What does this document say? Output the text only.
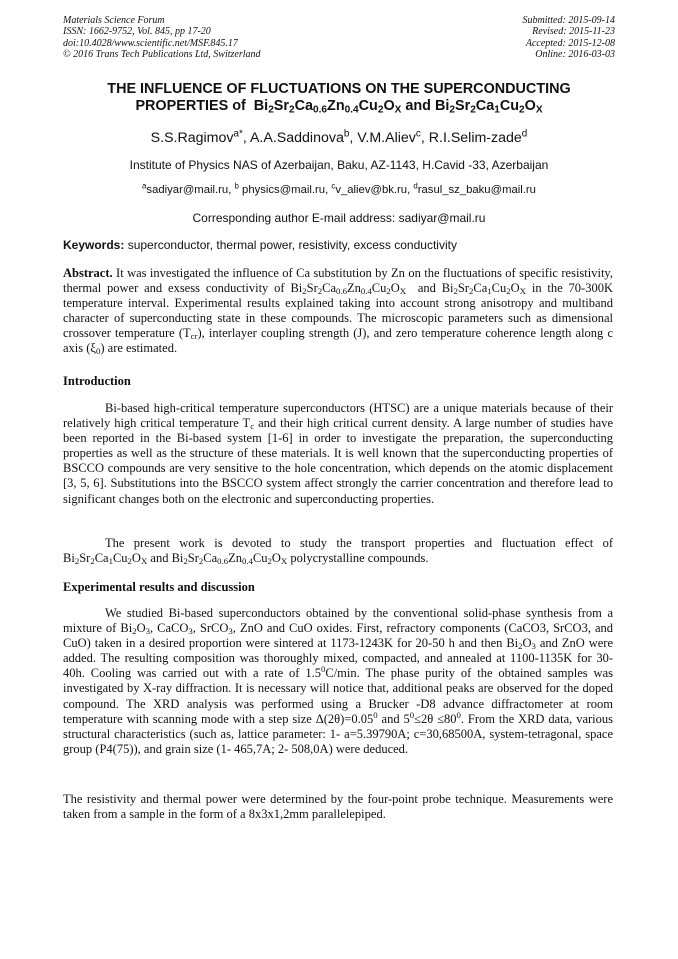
Materials Science Forum
ISSN: 1662-9752, Vol. 845, pp 17-20
doi:10.4028/www.scientific.net/MSF.845.17
© 2016 Trans Tech Publications Ltd, Switzerland
Submitted: 2015-09-14
Revised: 2015-11-23
Accepted: 2015-12-08
Online: 2016-03-03
THE INFLUENCE OF FLUCTUATIONS ON THE SUPERCONDUCTING
PROPERTIES of $Bi_2Sr_2Ca_{0.6}Zn_{0.4}Cu_2O_X$ and $Bi_2Sr_2Ca_1Cu_2O_X$
S.S.Ragimov$^{a*}$, A.A.Saddinova$^b$, V.M.Aliev$^c$, R.I.Selim-zade$^d$
Institute of Physics NAS of Azerbaijan, Baku, AZ-1143, H.Cavid -33, Azerbaijan
$^a$sadiyar@mail.ru, $^b$ physics@mail.ru, $^c$v_aliev@bk.ru, $^d$rasul_sz_baku@mail.ru
Corresponding author E-mail address: sadiyar@mail.ru
Keywords: superconductor, thermal power, resistivity, excess conductivity
Abstract. It was investigated the influence of Ca substitution by Zn on the fluctuations of specific resistivity, thermal power and exsess conductivity of $Bi_2Sr_2Ca_{0.6}Zn_{0.4}Cu_2O_X$  and $Bi_2Sr_2Ca_1Cu_2O_X$ in the 70-300K temperature interval. Experimental results explained taking into account strong anisotropy and multiband character of superconducting state in these compounds. The microscopic parameters such as dimensional crossover temperature $(T_{cr})$, interlayer coupling strength (J), and zero temperature coherence length along c axis $(\xi_0)$ are estimated.
Introduction
Bi-based high-critical temperature superconductors (HTSC) are a unique materials because of their relatively high critical temperature $T_c$ and their high critical current density. A large number of studies have been reported in the Bi-based system [1-6] in order to investigate the preparation, the superconducting properties as well as the structure of these materials. It is well known that the superconducting properties of BSCCO compounds are very sensitive to the hole concentration, which depends on the atomic displacement [3, 5, 6]. Substitutions into the BSCCO system affect strongly the carrier concentration and therefore lead to significant changes both on the electronic and superconducting properties.
The present work is devoted to study the transport properties and fluctuation effect of $Bi_2Sr_2Ca_1Cu_2O_X$ and $Bi_2Sr_2Ca_{0.6}Zn_{0.4}Cu_2O_X$ polycrystalline compounds.
Experimental results and discussion
We studied Bi-based superconductors obtained by the conventional solid-phase synthesis from a mixture of $Bi_2O_3$, CaCO$_3$, SrCO$_3$, ZnO and CuO oxides. First, refractory components (CaCO3, SrCO3, and CuO) taken in a desired proportion were sintered at 1173-1243K for 20-50 h and then $Bi_2O_3$ and ZnO were added. The resulting composition was thoroughly mixed, compacted, and annealed at 1100-1135K for 30-40h. Cooling was carried out with a rate of $1.5^0C/\min$. The phase purity of the obtained samples was investigated by X-ray diffraction. It is necessary will notice that, additional peaks are observed for the doped compound. The XRD analysis was performed using a Brucker -D8 advance diffractometer at room temperature with scanning mode with a step size $\Delta(2\theta)=0.05^0$ and $5^0\le 2\theta \le 80^0$. From the XRD data, various structural characteristics (such as, lattice parameter: 1- a=5.39790A; c=30,68500A, system-tetragonal, space group (P4(75)), and grain size (1- 465,7A; 2- 508,0A) were deduced.
The resistivity and thermal power were determined by the four-point probe technique. Measurements were taken from a sample in the form of a 8x3x1,2mm parallelepiped.
